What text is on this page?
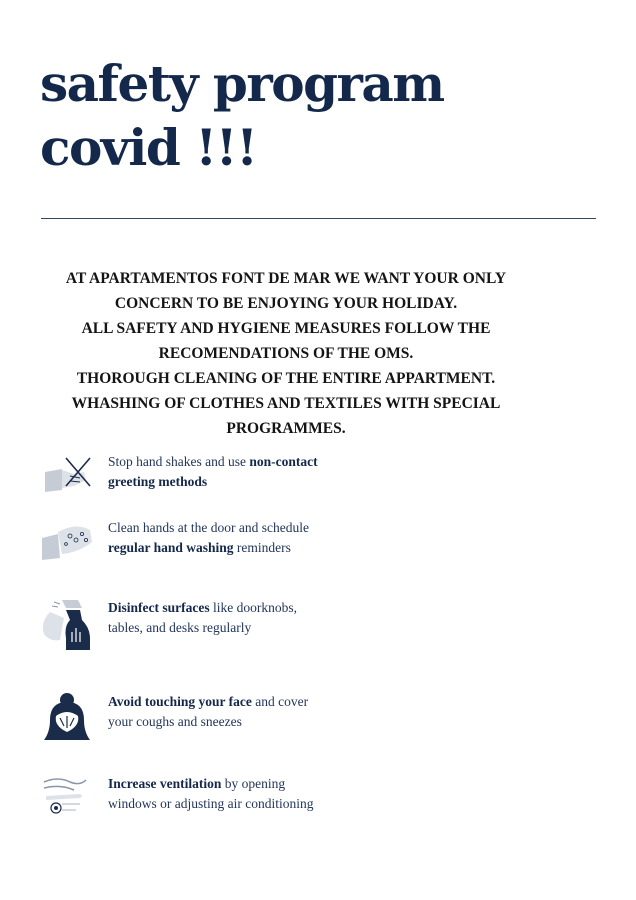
safety program
covid !!!
AT APARTAMENTOS FONT DE MAR WE WANT YOUR ONLY
CONCERN TO BE ENJOYING YOUR HOLIDAY.
ALL SAFETY AND HYGIENE MEASURES FOLLOW THE
RECOMENDATIONS OF THE OMS.
THOROUGH CLEANING OF THE ENTIRE APPARTMENT.
WHASHING OF CLOTHES AND TEXTILES WITH SPECIAL
PROGRAMMES.
Stop hand shakes and use non-contact
greeting methods
Clean hands at the door and schedule
regular hand washing reminders
Disinfect surfaces like doorknobs,
tables, and desks regularly
Avoid touching your face and cover
your coughs and sneezes
Increase ventilation by opening
windows or adjusting air conditioning
